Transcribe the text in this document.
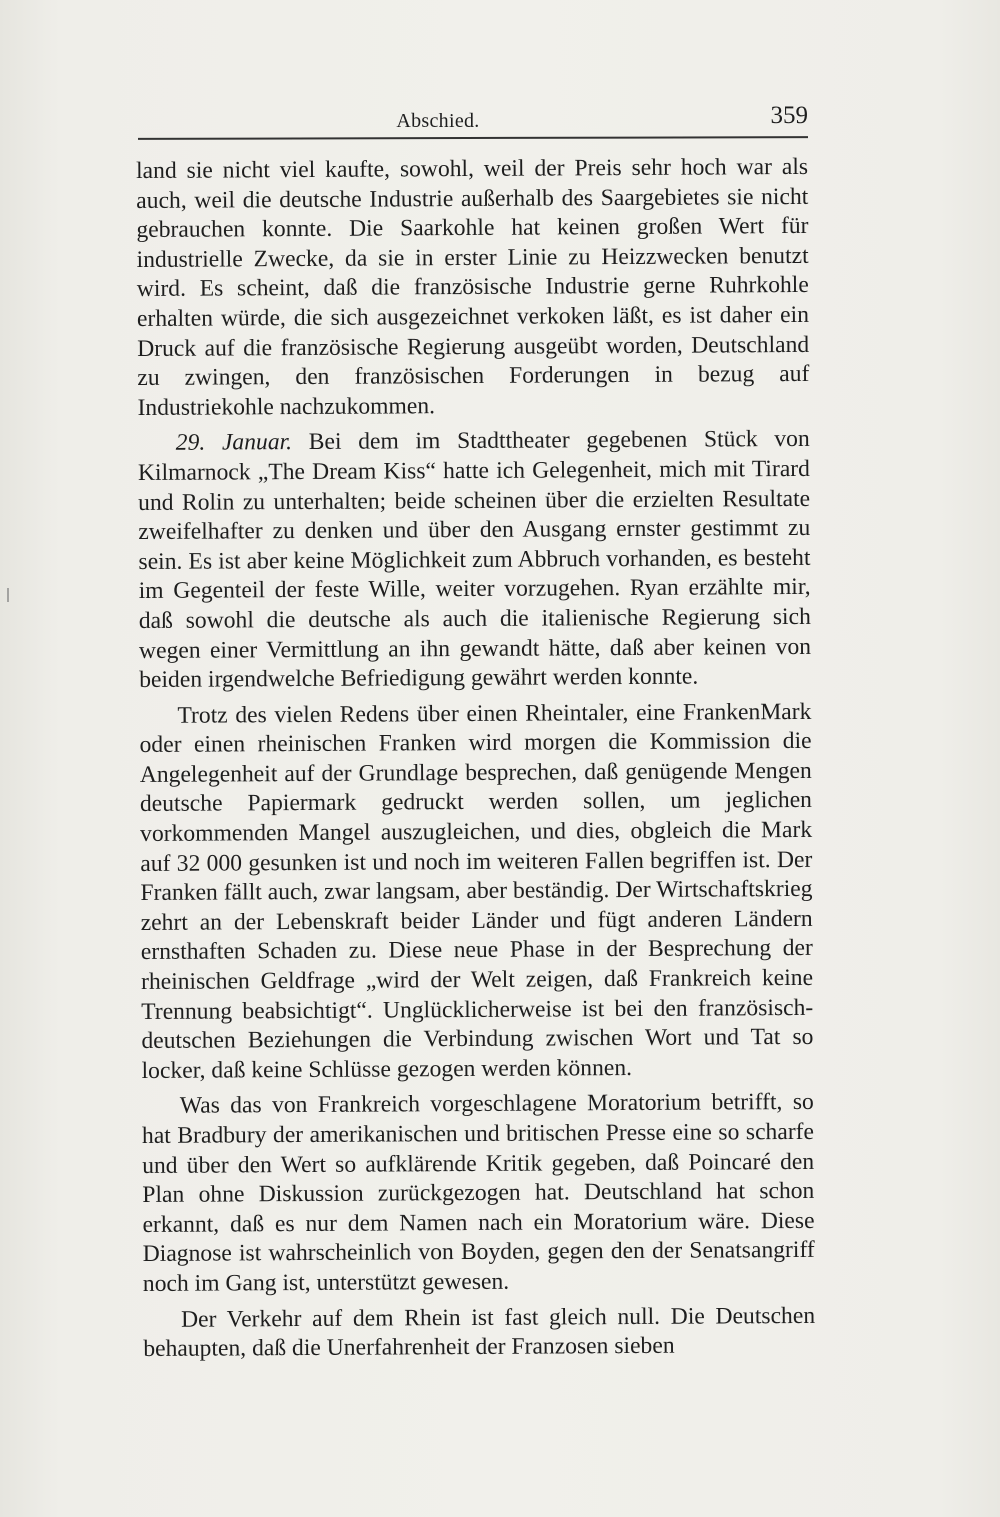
Abschied.	359

land sie nicht viel kaufte, sowohl, weil der Preis sehr hoch war als auch, weil die deutsche Industrie außerhalb des Saargebietes sie nicht gebrauchen konnte. Die Saarkohle hat keinen großen Wert für industrielle Zwecke, da sie in erster Linie zu Heizzwecken benutzt wird. Es scheint, daß die französische Industrie gerne Ruhrkohle erhalten würde, die sich ausgezeichnet verkoken läßt, es ist daher ein Druck auf die französische Regierung ausgeübt worden, Deutschland zu zwingen, den französischen Forderungen in bezug auf Industriekohle nachzukommen.

29. Januar. Bei dem im Stadttheater gegebenen Stück von Kilmarnock „The Dream Kiss“ hatte ich Gelegenheit, mich mit Tirard und Rolin zu unterhalten; beide scheinen über die erzielten Resultate zweifelhafter zu denken und über den Ausgang ernster gestimmt zu sein. Es ist aber keine Möglichkeit zum Abbruch vorhanden, es besteht im Gegenteil der feste Wille, weiter vorzugehen. Ryan erzählte mir, daß sowohl die deutsche als auch die italienische Regierung sich wegen einer Vermittlung an ihn gewandt hätte, daß aber keinen von beiden irgendwelche Befriedigung gewährt werden konnte.

Trotz des vielen Redens über einen Rheintaler, eine FrankenMark oder einen rheinischen Franken wird morgen die Kommission die Angelegenheit auf der Grundlage besprechen, daß genügende Mengen deutsche Papiermark gedruckt werden sollen, um jeglichen vorkommenden Mangel auszugleichen, und dies, obgleich die Mark auf 32 000 gesunken ist und noch im weiteren Fallen begriffen ist. Der Franken fällt auch, zwar langsam, aber beständig. Der Wirtschaftskrieg zehrt an der Lebenskraft beider Länder und fügt anderen Ländern ernsthaften Schaden zu. Diese neue Phase in der Besprechung der rheinischen Geldfrage „wird der Welt zeigen, daß Frankreich keine Trennung beabsichtigt“. Unglücklicherweise ist bei den französisch-deutschen Beziehungen die Verbindung zwischen Wort und Tat so locker, daß keine Schlüsse gezogen werden können.

Was das von Frankreich vorgeschlagene Moratorium betrifft, so hat Bradbury der amerikanischen und britischen Presse eine so scharfe und über den Wert so aufklärende Kritik gegeben, daß Poincaré den Plan ohne Diskussion zurückgezogen hat. Deutschland hat schon erkannt, daß es nur dem Namen nach ein Moratorium wäre. Diese Diagnose ist wahrscheinlich von Boyden, gegen den der Senatsangriff noch im Gang ist, unterstützt gewesen.

Der Verkehr auf dem Rhein ist fast gleich null. Die Deutschen behaupten, daß die Unerfahrenheit der Franzosen sieben
